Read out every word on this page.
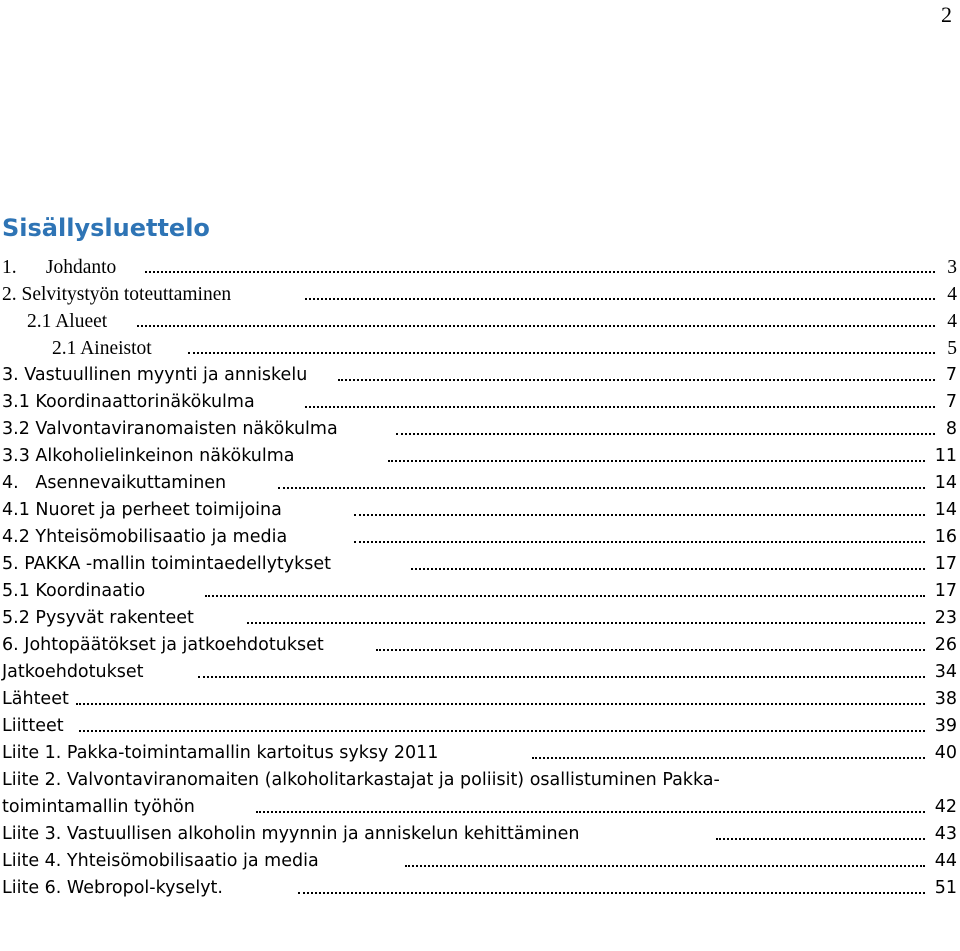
2
Sisällysluettelo
1. Johdanto	3
2. Selvitystyön toteuttaminen	4
2.1 Alueet	4
2.1 Aineistot	5
3. Vastuullinen myynti ja anniskelu	7
3.1 Koordinaattorinäkökulma	7
3.2 Valvontaviranomaisten näkökulma	8
3.3 Alkoholielinkeinon näkökulma	11
4. Asennevaikuttaminen	14
4.1 Nuoret ja perheet toimijoina	14
4.2 Yhteisömobilisaatio ja media	16
5. PAKKA -mallin toimintaedellytykset	17
5.1 Koordinaatio	17
5.2 Pysyvät rakenteet	23
6. Johtopäätökset ja jatkoehdotukset	26
Jatkoehdotukset	34
Lähteet	38
Liitteet	39
Liite 1. Pakka-toimintamallin kartoitus syksy 2011	40
Liite 2. Valvontaviranomaiten (alkoholitarkastajat ja poliisit) osallistuminen Pakka-
toimintamallin työhön	42
Liite 3. Vastuullisen alkoholin myynnin ja anniskelun kehittäminen	43
Liite 4. Yhteisömobilisaatio ja media	44
Liite 6. Webropol-kyselyt.	51
